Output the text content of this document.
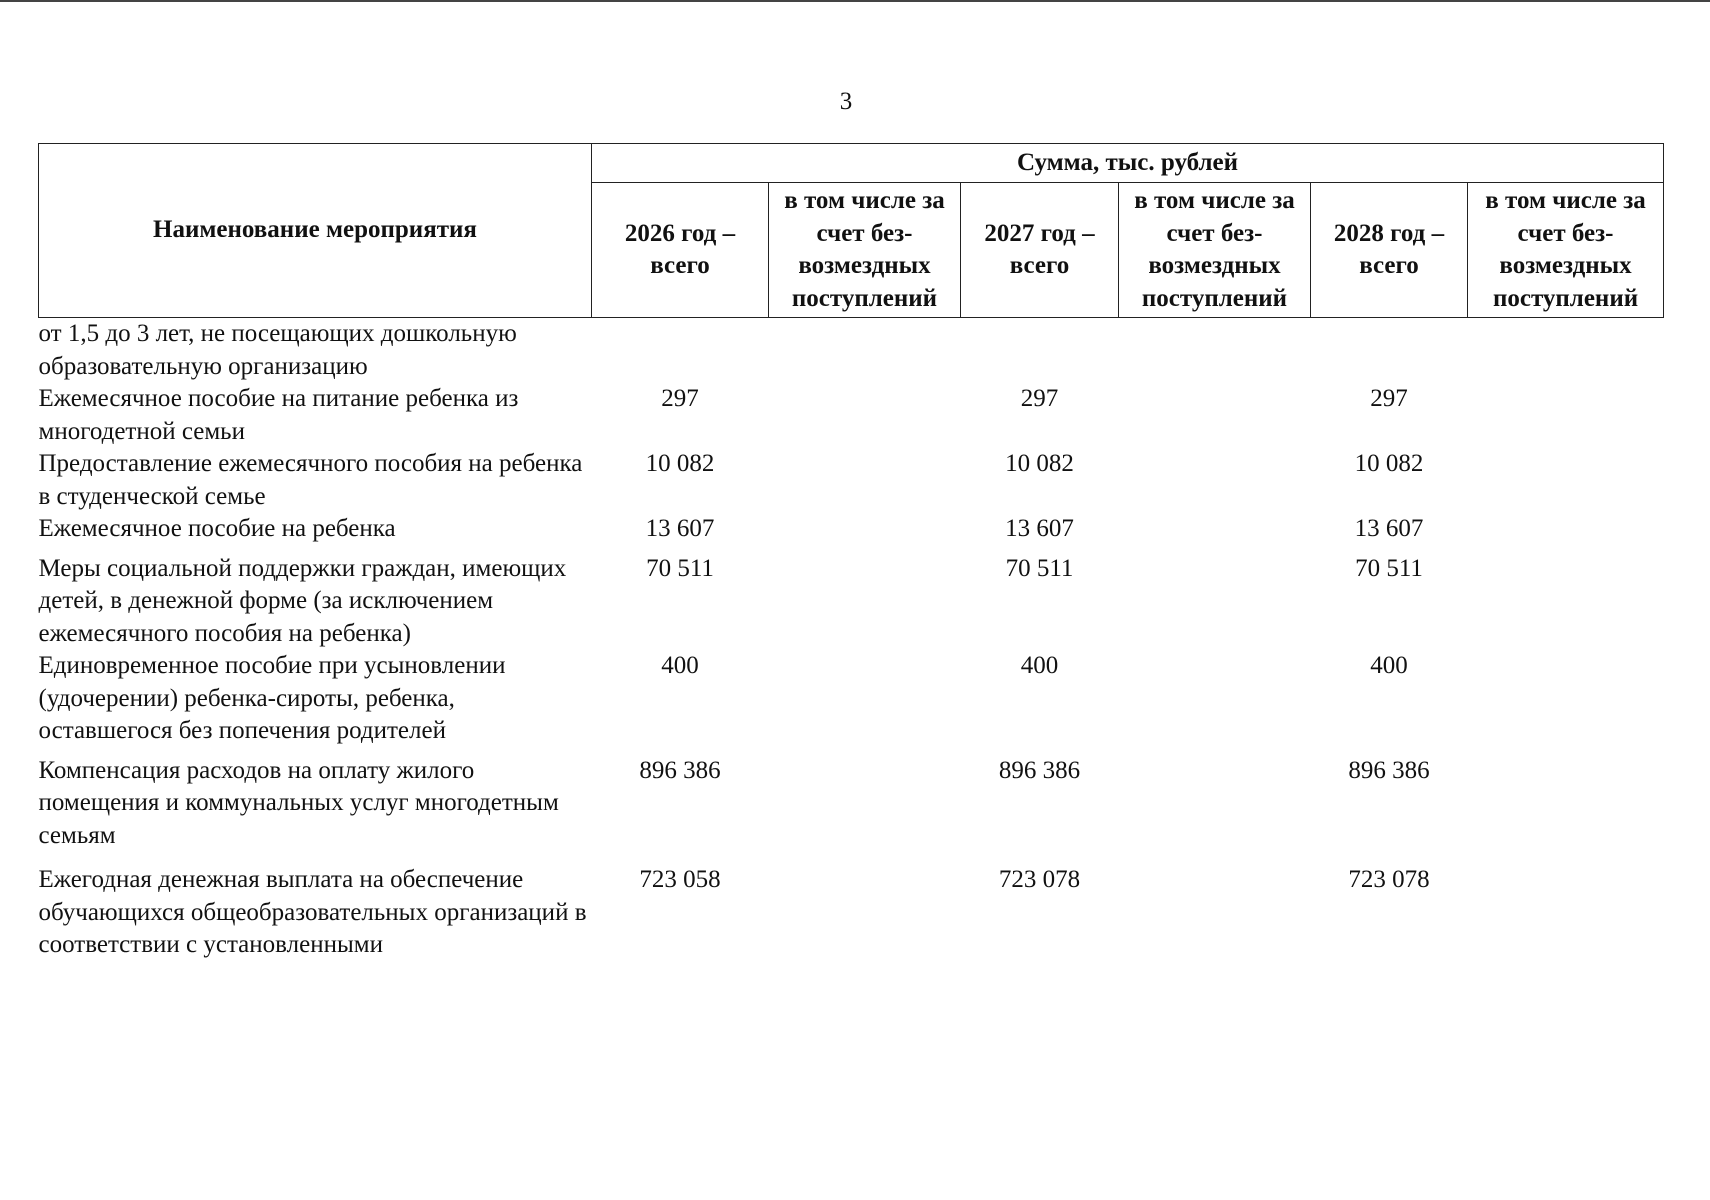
3
Наименование мероприятия	Сумма, тыс. рублей					
	2026 год – всего	в том числе за счет без-возмездных поступлений	2027 год – всего	в том числе за счет без-возмездных поступлений	2028 год – всего	в том числе за счет без-возмездных поступлений
от 1,5 до 3 лет, не посещающих дошкольную образовательную организацию						
Ежемесячное пособие на питание ребенка из многодетной семьи	297		297		297	
Предоставление ежемесячного пособия на ребенка в студенческой семье	10 082		10 082		10 082	
Ежемесячное пособие на ребенка	13 607		13 607		13 607	
Меры социальной поддержки граждан, имеющих детей, в денежной форме (за исключением ежемесячного пособия на ребенка)	70 511		70 511		70 511	
Единовременное пособие при усыновлении (удочерении) ребенка-сироты, ребенка, оставшегося без попечения родителей	400		400		400	
Компенсация расходов на оплату жилого помещения и коммунальных услуг многодетным семьям	896 386		896 386		896 386	
Ежегодная денежная выплата на обеспечение обучающихся общеобразовательных организаций в соответствии с установленными	723 058		723 078		723 078	
